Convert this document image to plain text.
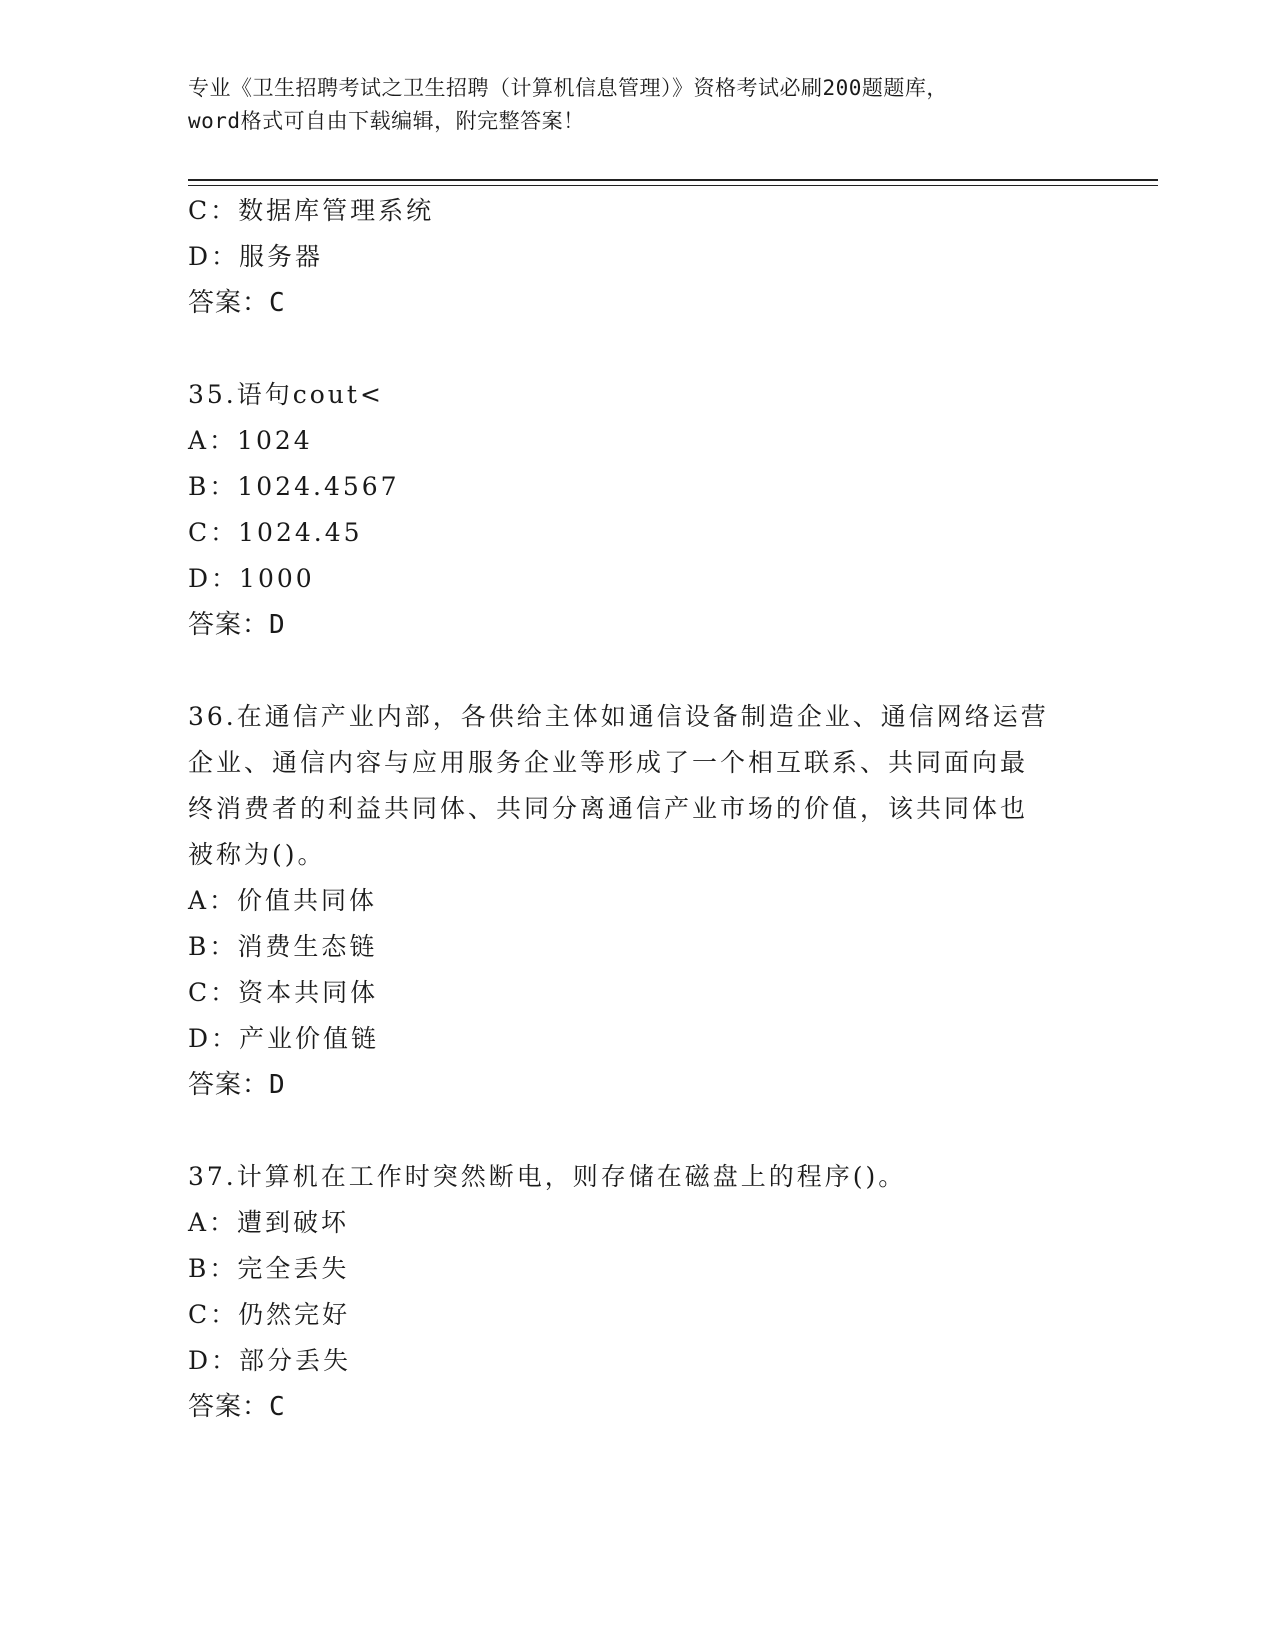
专业《卫生招聘考试之卫生招聘（计算机信息管理）》资格考试必刷200题题库，
word格式可自由下载编辑，附完整答案！
C：数据库管理系统
D：服务器
答案：C
35.语句cout<
A：1024
B：1024.4567
C：1024.45
D：1000
答案：D
36.在通信产业内部，各供给主体如通信设备制造企业、通信网络运营
企业、通信内容与应用服务企业等形成了一个相互联系、共同面向最
终消费者的利益共同体、共同分离通信产业市场的价值，该共同体也
被称为()。
A：价值共同体
B：消费生态链
C：资本共同体
D：产业价值链
答案：D
37.计算机在工作时突然断电，则存储在磁盘上的程序()。
A：遭到破坏
B：完全丢失
C：仍然完好
D：部分丢失
答案：C
